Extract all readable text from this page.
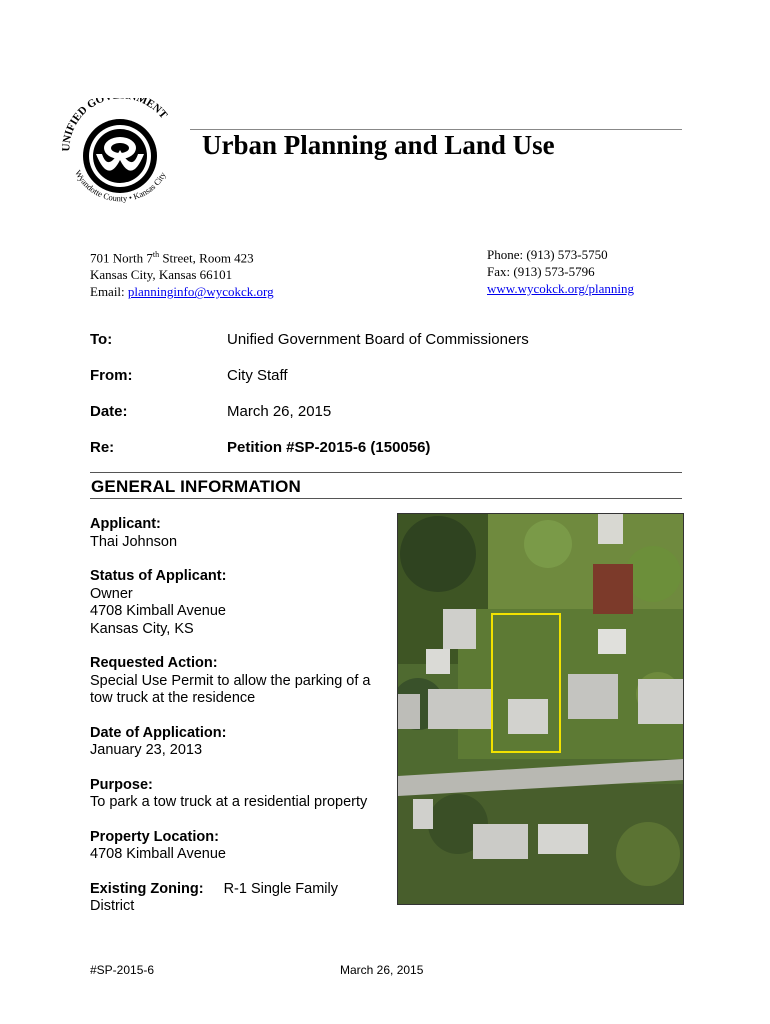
UNIFIED GO MENT
Wyandotte County • Kansas City
Urban Planning and Land Use
701 North 7th Street, Room 423
Kansas City, Kansas 66101
Email: planninginfo@wycokck.org
Phone: (913) 573-5750
Fax: (913) 573-5796
www.wycokck.org/planning
To:	Unified Government Board of Commissioners
From:	City Staff
Date:	March 26, 2015
Re:	Petition #SP-2015-6 (150056)
GENERAL INFORMATION
Applicant:
Thai Johnson
Status of Applicant:
Owner
4708 Kimball Avenue
Kansas City, KS
Requested Action:
Special Use Permit to allow the parking of a tow truck at the residence
Date of Application:
January 23, 2013
Purpose:
To park a tow truck at a residential property
Property Location:
4708 Kimball Avenue
Existing Zoning: R-1 Single Family
District
#SP-2015-6	March 26, 2015
